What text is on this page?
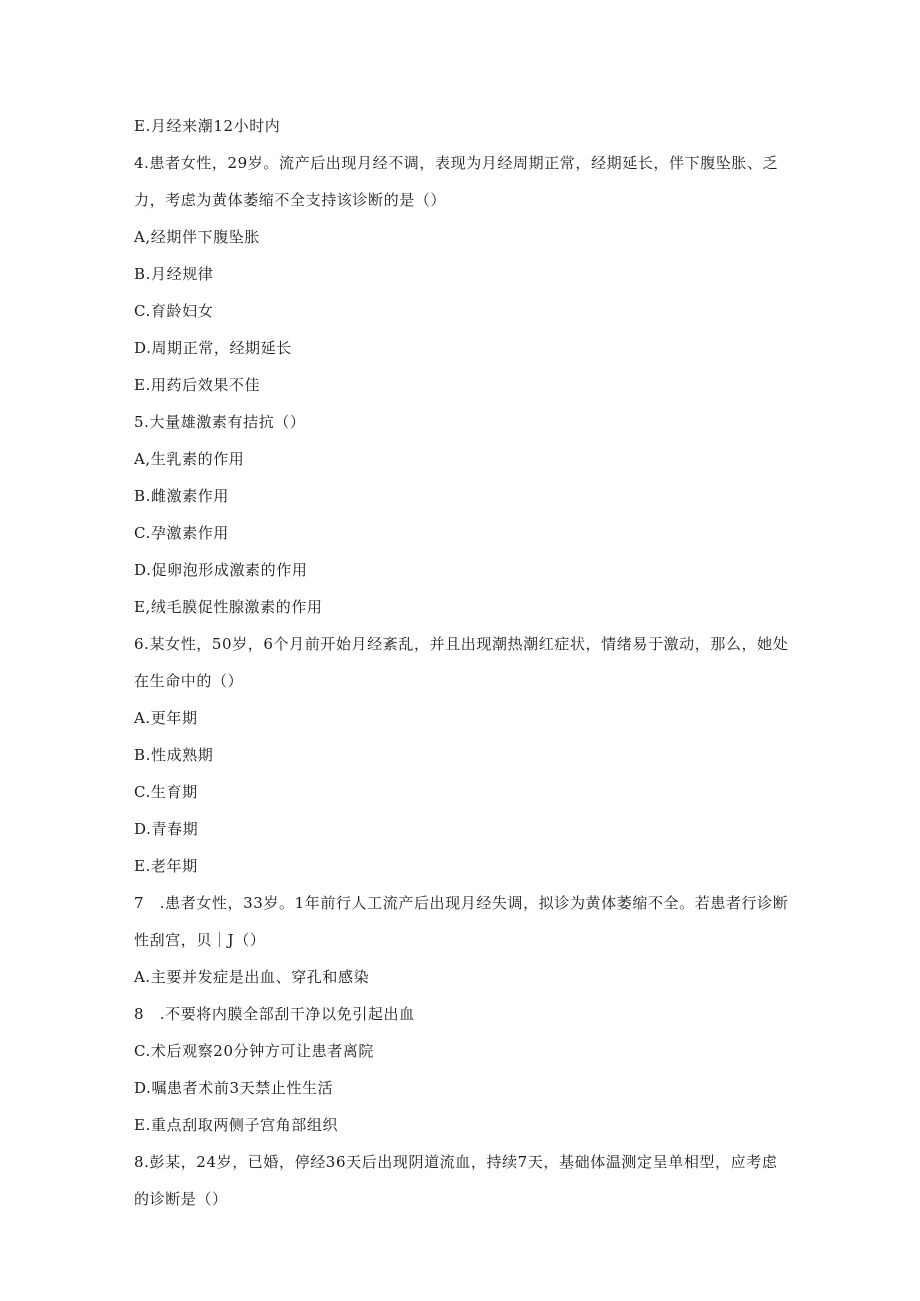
E.月经来潮12小时内
4.患者女性，29岁。流产后出现月经不调，表现为月经周期正常，经期延长，伴下腹坠胀、乏
力，考虑为黄体萎缩不全支持该诊断的是（）
A,经期伴下腹坠胀
B.月经规律
C.育龄妇女
D.周期正常，经期延长
E.用药后效果不佳
5.大量雄激素有拮抗（）
A,生乳素的作用
B.雌激素作用
C.孕激素作用
D.促卵泡形成激素的作用
E,绒毛膜促性腺激素的作用
6.某女性，50岁，6个月前开始月经紊乱，并且出现潮热潮红症状，情绪易于激动，那么，她处
在生命中的（）
A.更年期
B.性成熟期
C.生育期
D.青春期
E.老年期
7　.患者女性，33岁。1年前行人工流产后出现月经失调，拟诊为黄体萎缩不全。若患者行诊断
性刮宫，贝｜J（）
A.主要并发症是出血、穿孔和感染
8　.不要将内膜全部刮干净以免引起出血
C.术后观察20分钟方可让患者离院
D.嘱患者术前3天禁止性生活
E.重点刮取两侧子宫角部组织
8.彭某，24岁，已婚，停经36天后出现阴道流血，持续7天，基础体温测定呈单相型，应考虑
的诊断是（）
